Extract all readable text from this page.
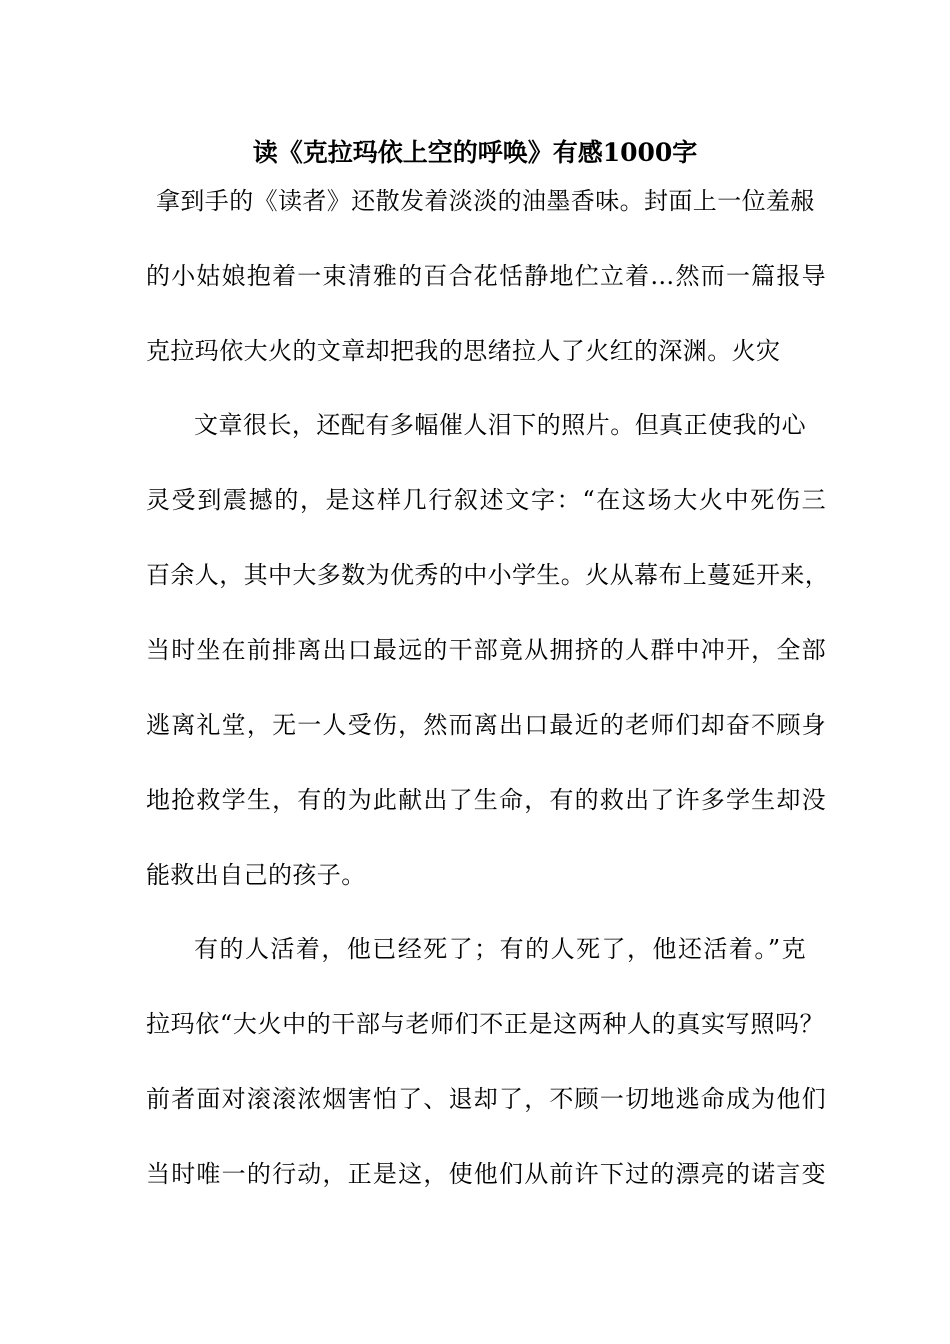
读《克拉玛依上空的呼唤》有感1000字
拿到手的《读者》还散发着淡淡的油墨香味。封面上一位羞赧
的小姑娘抱着一束清雅的百合花恬静地伫立着…然而一篇报导
克拉玛依大火的文章却把我的思绪拉人了火红的深渊。火灾
文章很长，还配有多幅催人泪下的照片。但真正使我的心
灵受到震撼的，是这样几行叙述文字：“在这场大火中死伤三
百余人，其中大多数为优秀的中小学生。火从幕布上蔓延开来，
当时坐在前排离出口最远的干部竟从拥挤的人群中冲开，全部
逃离礼堂，无一人受伤，然而离出口最近的老师们却奋不顾身
地抢救学生，有的为此献出了生命，有的救出了许多学生却没
能救出自己的孩子。
有的人活着，他已经死了；有的人死了，他还活着。”克
拉玛依“大火中的干部与老师们不正是这两种人的真实写照吗？
前者面对滚滚浓烟害怕了、退却了，不顾一切地逃命成为他们
当时唯一的行动，正是这，使他们从前许下过的漂亮的诺言变
